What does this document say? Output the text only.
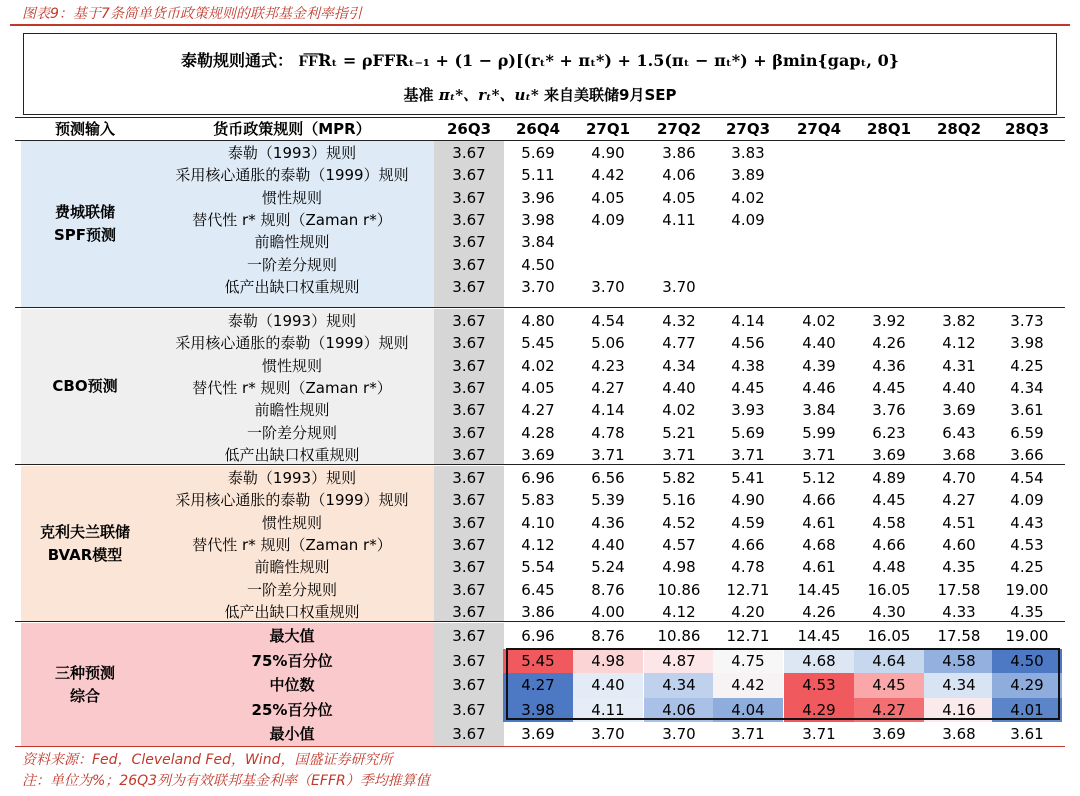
图表9：基于7条简单货币政策规则的联邦基金利率指引
泰勒规则通式： F͞F͞Rₜ = ρFFRₜ₋₁ + (1 − ρ)[(rₜ* + πₜ*) + 1.5(πₜ − πₜ*) + βmin{gapₜ, 0}
基准 πₜ*、rₜ*、uₜ* 来自美联储9月SEP
预测输入	货币政策规则（MPR）	26Q3	26Q4	27Q1	27Q2	27Q3	27Q4	28Q1	28Q2	28Q3
费城联储
SPF预测
泰勒（1993）规则	3.67	5.69	4.90	3.86	3.83
采用核心通胀的泰勒（1999）规则	3.67	5.11	4.42	4.06	3.89
惯性规则	3.67	3.96	4.05	4.05	4.02
替代性 r* 规则（Zaman r*）	3.67	3.98	4.09	4.11	4.09
前瞻性规则	3.67	3.84
一阶差分规则	3.67	4.50
低产出缺口权重规则	3.67	3.70	3.70	3.70
CBO预测
泰勒（1993）规则	3.67	4.80	4.54	4.32	4.14	4.02	3.92	3.82	3.73
采用核心通胀的泰勒（1999）规则	3.67	5.45	5.06	4.77	4.56	4.40	4.26	4.12	3.98
惯性规则	3.67	4.02	4.23	4.34	4.38	4.39	4.36	4.31	4.25
替代性 r* 规则（Zaman r*）	3.67	4.05	4.27	4.40	4.45	4.46	4.45	4.40	4.34
前瞻性规则	3.67	4.27	4.14	4.02	3.93	3.84	3.76	3.69	3.61
一阶差分规则	3.67	4.28	4.78	5.21	5.69	5.99	6.23	6.43	6.59
低产出缺口权重规则	3.67	3.69	3.71	3.71	3.71	3.71	3.69	3.68	3.66
克利夫兰联储
BVAR模型
泰勒（1993）规则	3.67	6.96	6.56	5.82	5.41	5.12	4.89	4.70	4.54
采用核心通胀的泰勒（1999）规则	3.67	5.83	5.39	5.16	4.90	4.66	4.45	4.27	4.09
惯性规则	3.67	4.10	4.36	4.52	4.59	4.61	4.58	4.51	4.43
替代性 r* 规则（Zaman r*）	3.67	4.12	4.40	4.57	4.66	4.68	4.66	4.60	4.53
前瞻性规则	3.67	5.54	5.24	4.98	4.78	4.61	4.48	4.35	4.25
一阶差分规则	3.67	6.45	8.76	10.86	12.71	14.45	16.05	17.58	19.00
低产出缺口权重规则	3.67	3.86	4.00	4.12	4.20	4.26	4.30	4.33	4.35
三种预测
综合
最大值	3.67	6.96	8.76	10.86	12.71	14.45	16.05	17.58	19.00
75%百分位	3.67	5.45	4.98	4.87	4.75	4.68	4.64	4.58	4.50
中位数	3.67	4.27	4.40	4.34	4.42	4.53	4.45	4.34	4.29
25%百分位	3.67	3.98	4.11	4.06	4.04	4.29	4.27	4.16	4.01
最小值	3.67	3.69	3.70	3.70	3.71	3.71	3.69	3.68	3.61
资料来源：Fed，Cleveland Fed，Wind，国盛证券研究所
注：单位为%；26Q3列为有效联邦基金利率（EFFR）季均推算值
